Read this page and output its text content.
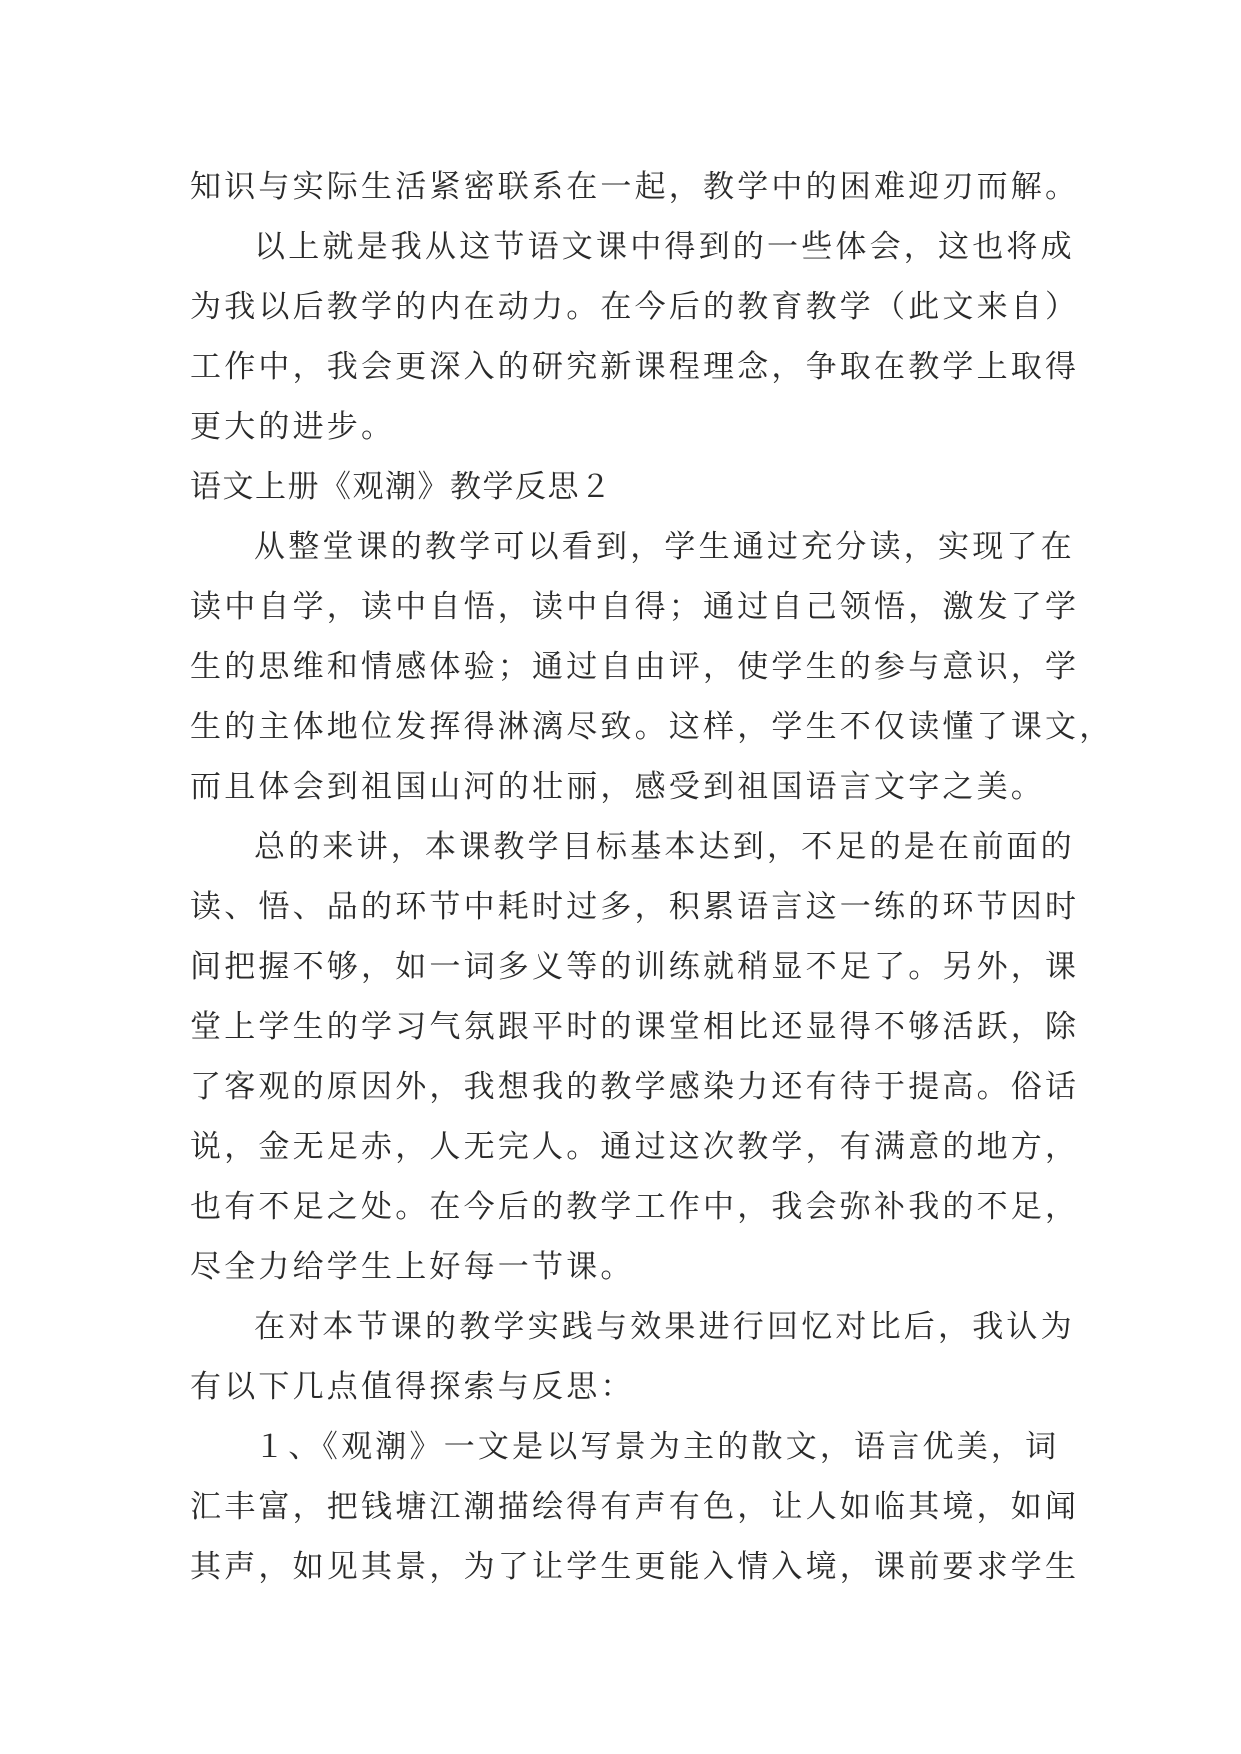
知识与实际生活紧密联系在一起，教学中的困难迎刃而解。
以上就是我从这节语文课中得到的一些体会，这也将成
为我以后教学的内在动力。在今后的教育教学（此文来自）
工作中，我会更深入的研究新课程理念，争取在教学上取得
更大的进步。
语文上册《观潮》教学反思２
从整堂课的教学可以看到，学生通过充分读，实现了在
读中自学，读中自悟，读中自得；通过自己领悟，激发了学
生的思维和情感体验；通过自由评，使学生的参与意识，学
生的主体地位发挥得淋漓尽致。这样，学生不仅读懂了课文，
而且体会到祖国山河的壮丽，感受到祖国语言文字之美。
总的来讲，本课教学目标基本达到，不足的是在前面的
读、悟、品的环节中耗时过多，积累语言这一练的环节因时
间把握不够，如一词多义等的训练就稍显不足了。另外，课
堂上学生的学习气氛跟平时的课堂相比还显得不够活跃，除
了客观的原因外，我想我的教学感染力还有待于提高。俗话
说，金无足赤，人无完人。通过这次教学，有满意的地方，
也有不足之处。在今后的教学工作中，我会弥补我的不足，
尽全力给学生上好每一节课。
在对本节课的教学实践与效果进行回忆对比后，我认为
有以下几点值得探索与反思：
１、《观潮》一文是以写景为主的散文，语言优美，词
汇丰富，把钱塘江潮描绘得有声有色，让人如临其境，如闻
其声，如见其景，为了让学生更能入情入境，课前要求学生
